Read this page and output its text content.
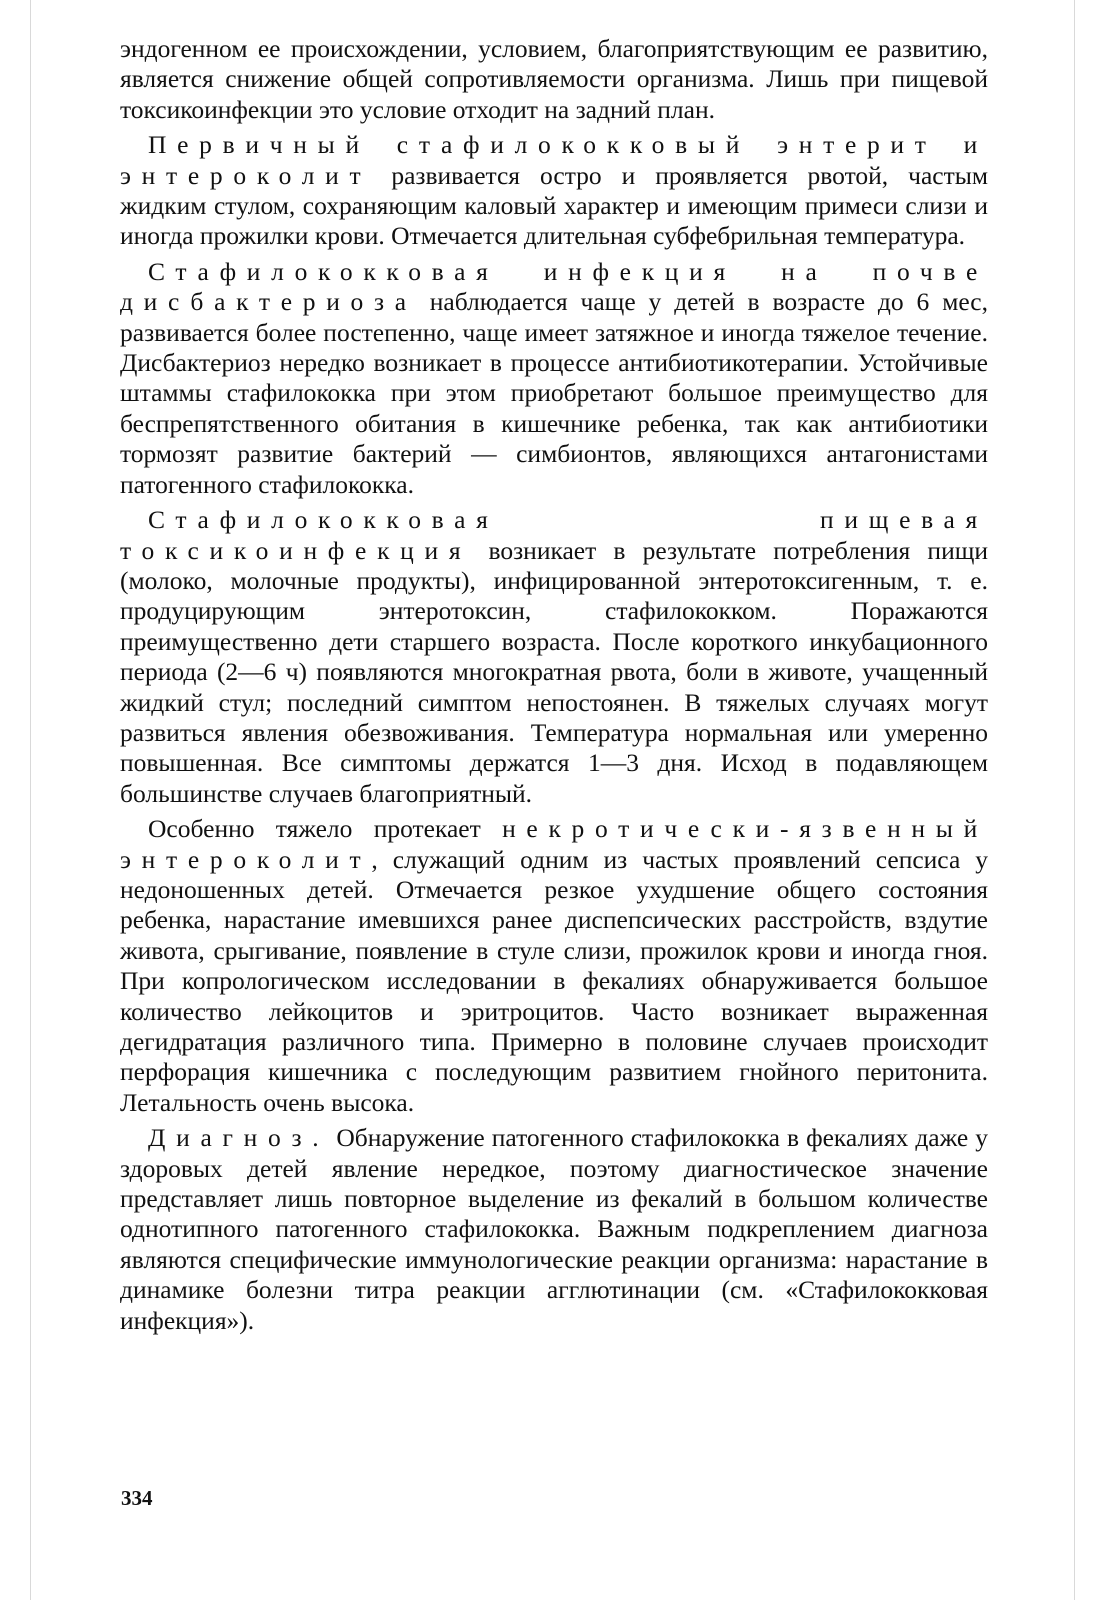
эндогенном ее происхождении, условием, благоприятствующим ее развитию, является снижение общей сопротивляемости организма. Лишь при пищевой токсикоинфекции это условие отходит на задний план.

Первичный стафилококковый энтерит и энтероколит развивается остро и проявляется рвотой, частым жидким стулом, сохраняющим каловый характер и имеющим примеси слизи и иногда прожилки крови. Отмечается длительная субфебрильная температура.

Стафилококковая инфекция на почве дисбактериоза наблюдается чаще у детей в возрасте до 6 мес, развивается более постепенно, чаще имеет затяжное и иногда тяжелое течение. Дисбактериоз нередко возникает в процессе антибиотикотерапии. Устойчивые штаммы стафилококка при этом приобретают большое преимущество для беспрепятственного обитания в кишечнике ребенка, так как антибиотики тормозят развитие бактерий — симбионтов, являющихся антагонистами патогенного стафилококка.

Стафилококковая пищевая токсикоинфекция возникает в результате потребления пищи (молоко, молочные продукты), инфицированной энтеротоксигенным, т. е. продуцирующим энтеротоксин, стафилококком. Поражаются преимущественно дети старшего возраста. После короткого инкубационного периода (2—6 ч) появляются многократная рвота, боли в животе, учащенный жидкий стул; последний симптом непостоянен. В тяжелых случаях могут развиться явления обезвоживания. Температура нормальная или умеренно повышенная. Все симптомы держатся 1—3 дня. Исход в подавляющем большинстве случаев благоприятный.

Особенно тяжело протекает некротически-язвенный энтероколит, служащий одним из частых проявлений сепсиса у недоношенных детей. Отмечается резкое ухудшение общего состояния ребенка, нарастание имевшихся ранее диспепсических расстройств, вздутие живота, срыгивание, появление в стуле слизи, прожилок крови и иногда гноя. При копрологическом исследовании в фекалиях обнаруживается большое количество лейкоцитов и эритроцитов. Часто возникает выраженная дегидратация различного типа. Примерно в половине случаев происходит перфорация кишечника с последующим развитием гнойного перитонита. Летальность очень высока.

Диагноз. Обнаружение патогенного стафилококка в фекалиях даже у здоровых детей явление нередкое, поэтому диагностическое значение представляет лишь повторное выделение из фекалий в большом количестве однотипного патогенного стафилококка. Важным подкреплением диагноза являются специфические иммунологические реакции организма: нарастание в динамике болезни титра реакции агглютинации (см. «Стафилококковая инфекция»).

334
